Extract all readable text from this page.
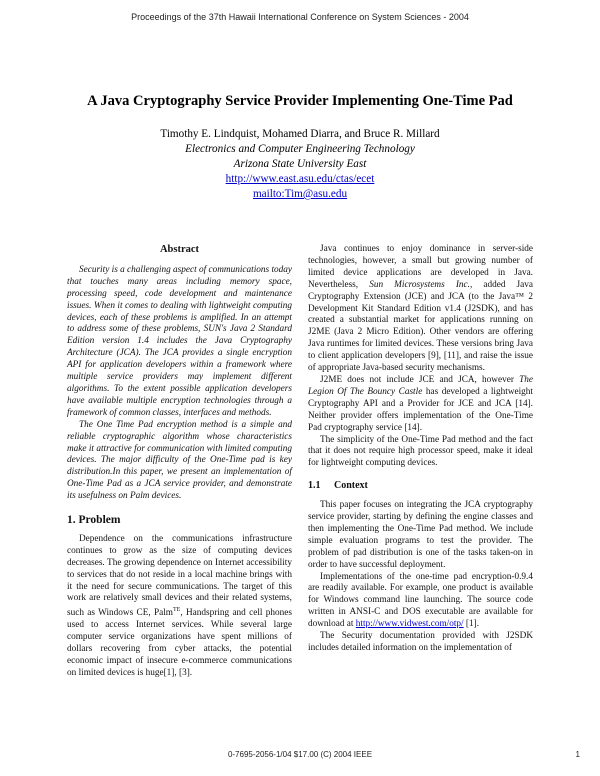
Proceedings of the 37th Hawaii International Conference on System Sciences - 2004
A Java Cryptography Service Provider Implementing One-Time Pad
Timothy E. Lindquist, Mohamed Diarra, and Bruce R. Millard
Electronics and Computer Engineering Technology
Arizona State University East
http://www.east.asu.edu/ctas/ecet
mailto:Tim@asu.edu
Abstract

Security is a challenging aspect of communications today that touches many areas including memory space, processing speed, code development and maintenance issues. When it comes to dealing with lightweight computing devices, each of these problems is amplified. In an attempt to address some of these problems, SUN's Java 2 Standard Edition version 1.4 includes the Java Cryptography Architecture (JCA). The JCA provides a single encryption API for application developers within a framework where multiple service providers may implement different algorithms. To the extent possible application developers have available multiple encryption technologies through a framework of common classes, interfaces and methods.

The One Time Pad encryption method is a simple and reliable cryptographic algorithm whose characteristics make it attractive for communication with limited computing devices. The major difficulty of the One-Time pad is key distribution.In this paper, we present an implementation of One-Time Pad as a JCA service provider, and demonstrate its usefulness on Palm devices.

1. Problem

Dependence on the communications infrastructure continues to grow as the size of computing devices decreases. The growing dependence on Internet accessibility to services that do not reside in a local machine brings with it the need for secure communications. The target of this work are relatively small devices and their related systems, such as Windows CE, Palm$^{TE}$, Handspring and cell phones used to access Internet services. While several large computer service organizations have spent millions of dollars recovering from cyber attacks, the potential economic impact of insecure e-commerce communications on limited devices is huge[1], [3].

Java continues to enjoy dominance in server-side technologies, however, a small but growing number of limited device applications are developed in Java. Nevertheless, Sun Microsystems Inc., added Java Cryptography Extension (JCE) and JCA (to the Java™ 2 Development Kit Standard Edition v1.4 (J2SDK), and has created a substantial market for applications running on J2ME (Java 2 Micro Edition). Other vendors are offering Java runtimes for limited devices. These versions bring Java to client application developers [9], [11], and raise the issue of appropriate Java-based security mechanisms.

J2ME does not include JCE and JCA, however The Legion Of The Bouncy Castle has developed a lightweight Cryptography API and a Provider for JCE and JCA [14]. Neither provider offers implementation of the One-Time Pad cryptography service [14].

The simplicity of the One-Time Pad method and the fact that it does not require high processor speed, make it ideal for lightweight computing devices.

1.1 Context

This paper focuses on integrating the JCA cryptography service provider, starting by defining the engine classes and then implementing the One-Time Pad method. We include simple evaluation programs to test the provider. The problem of pad distribution is one of the tasks taken-on in order to have successful deployment.

Implementations of the one-time pad encryption-0.9.4 are readily available. For example, one product is available for Windows command line launching. The source code written in ANSI-C and DOS executable are available for download at http://www.vidwest.com/otp/ [1].

The Security documentation provided with J2SDK includes detailed information on the implementation of

0-7695-2056-1/04 $17.00 (C) 2004 IEEE	1
